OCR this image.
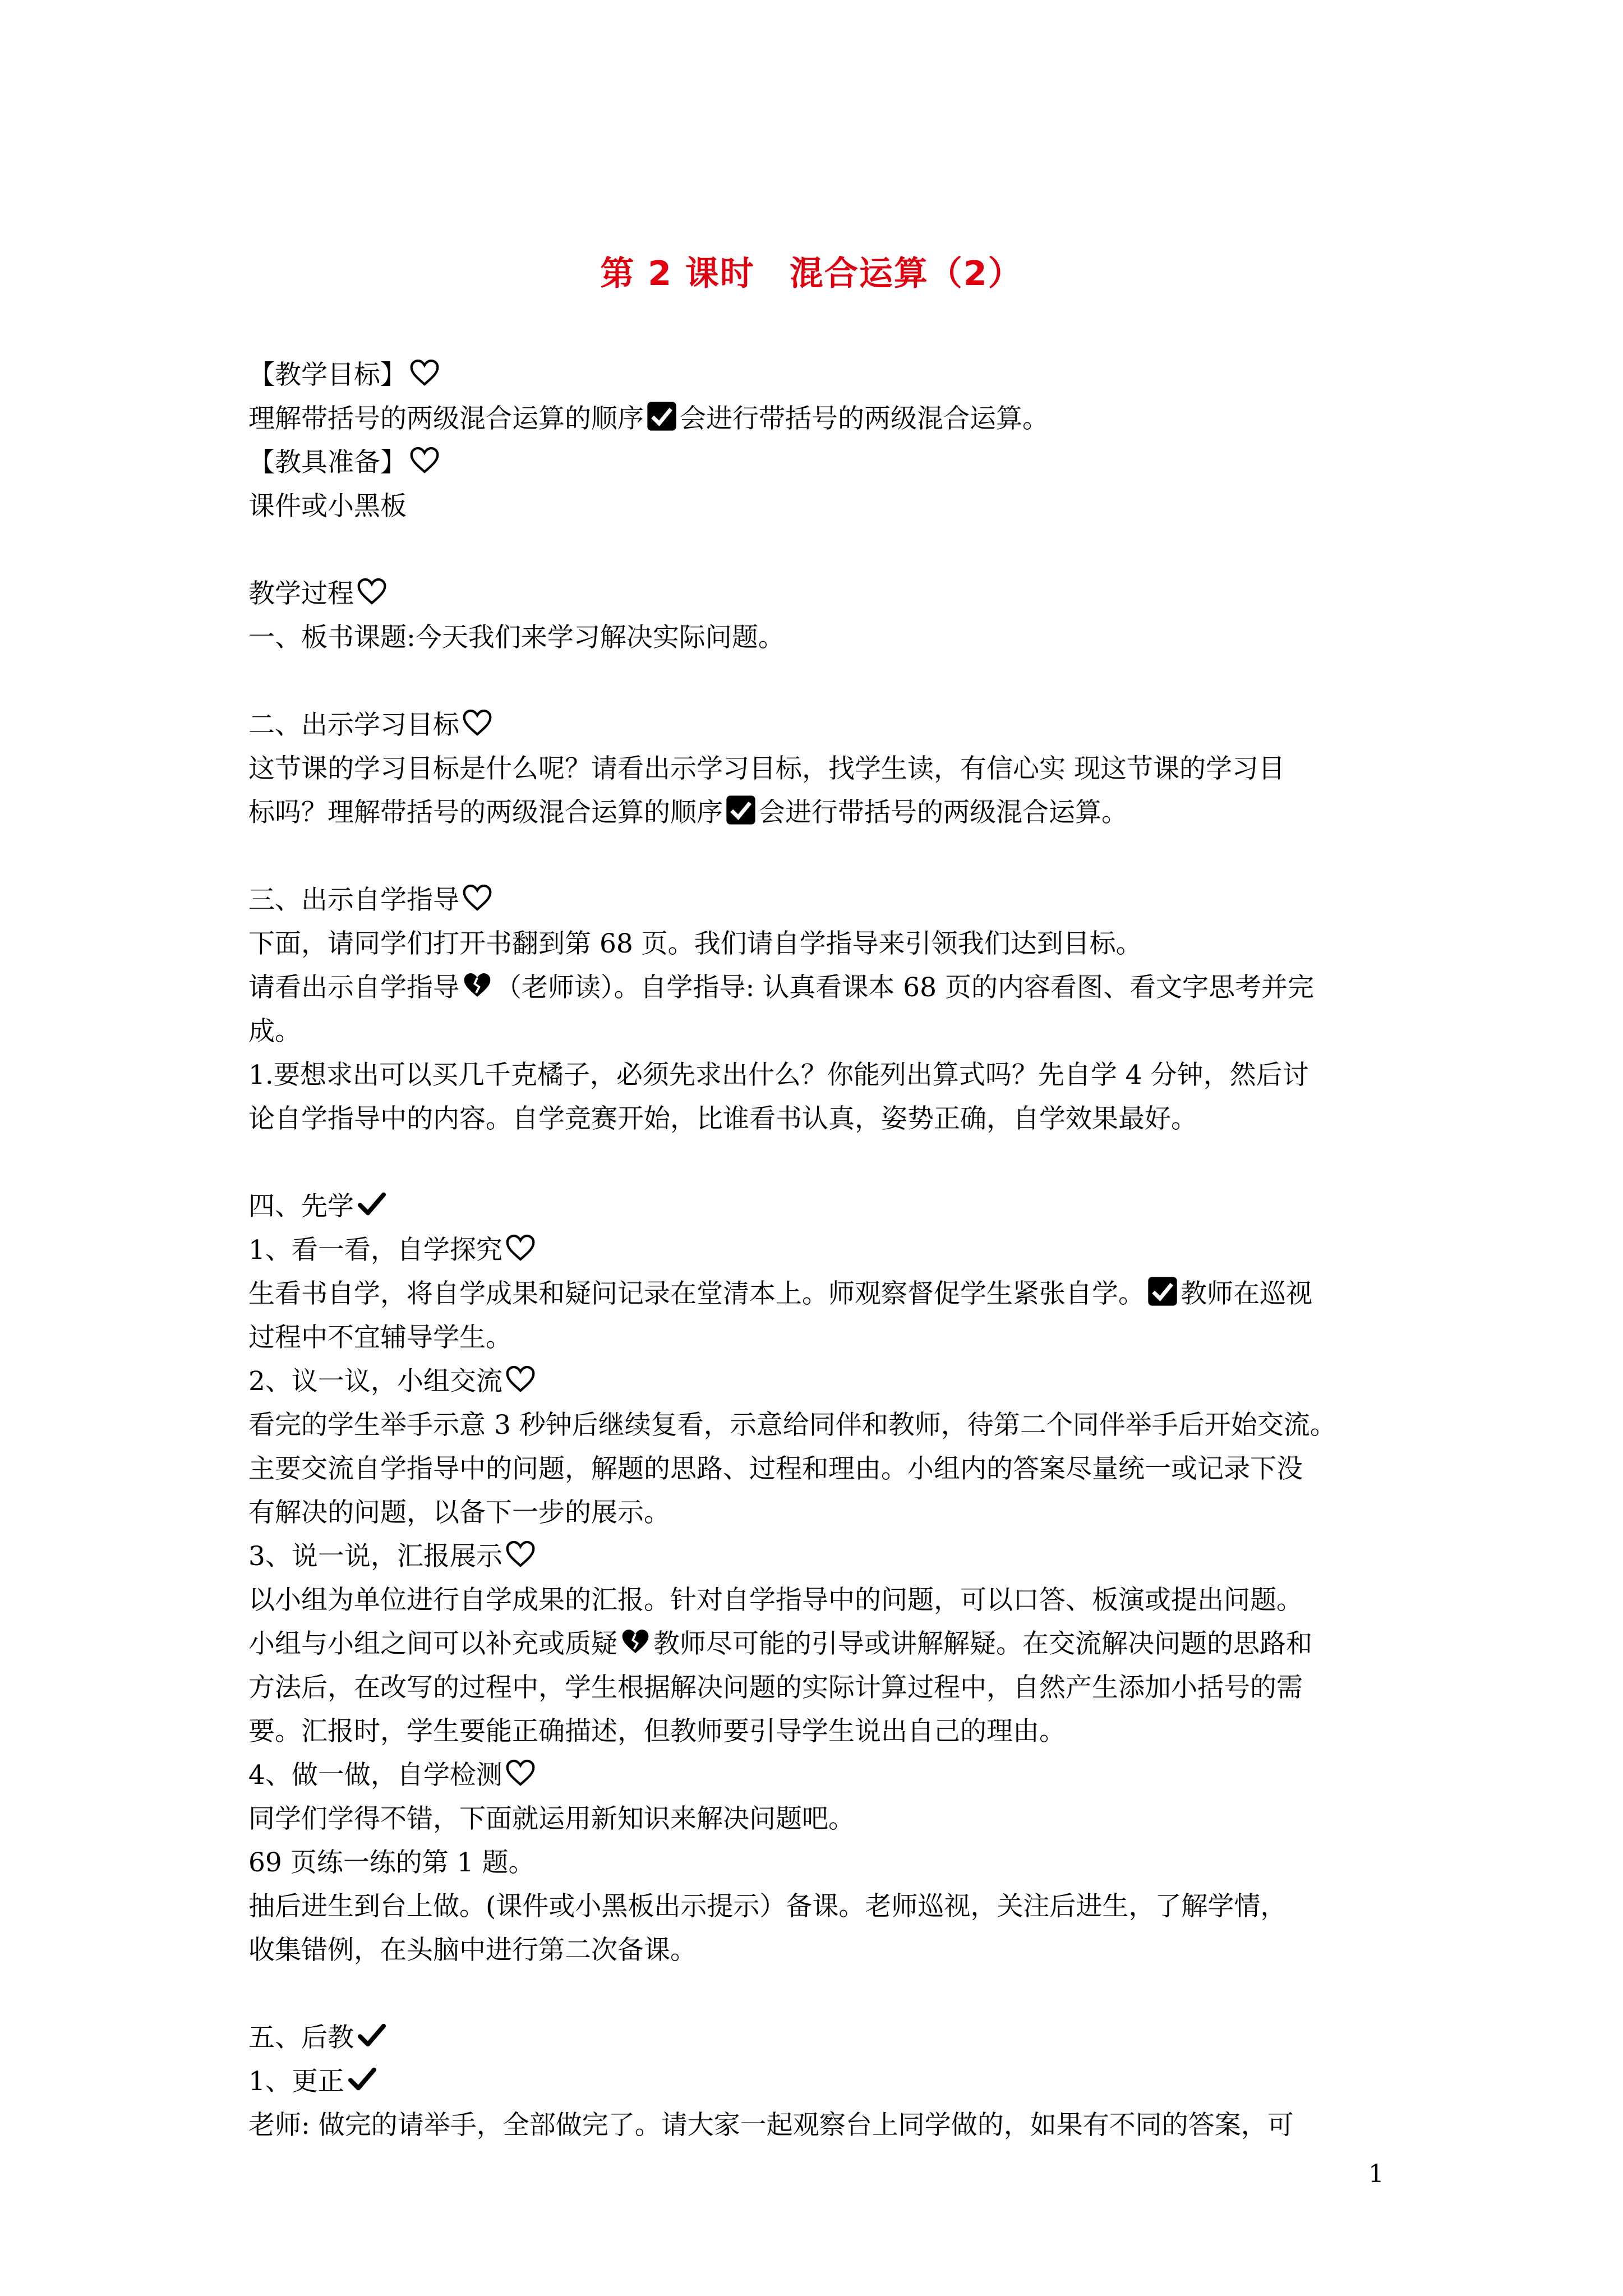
第 2 课时　混合运算（2）
【教学目标】
理解带括号的两级混合运算的顺序 会进行带括号的两级混合运算。
【教具准备】
课件或小黑板
教学过程
一、板书课题:今天我们来学习解决实际问题。
二、出示学习目标
这节课的学习目标是什么呢？请看出示学习目标，找学生读，有信心实 现这节课的学习目
标吗？理解带括号的两级混合运算的顺序 会进行带括号的两级混合运算。
三、出示自学指导
下面，请同学们打开书翻到第 68 页。我们请自学指导来引领我们达到目标。
请看出示自学指导 （老师读）。自学指导: 认真看课本 68 页的内容看图、看文字思考并完
成。
1.要想求出可以买几千克橘子，必须先求出什么？你能列出算式吗？先自学 4 分钟，然后讨
论自学指导中的内容。自学竞赛开始，比谁看书认真，姿势正确，自学效果最好。
四、先学
1、看一看，自学探究
生看书自学，将自学成果和疑问记录在堂清本上。师观察督促学生紧张自学。 教师在巡视
过程中不宜辅导学生。
2、议一议，小组交流
看完的学生举手示意 3 秒钟后继续复看，示意给同伴和教师，待第二个同伴举手后开始交流。
主要交流自学指导中的问题，解题的思路、过程和理由。小组内的答案尽量统一或记录下没
有解决的问题，以备下一步的展示。
3、说一说，汇报展示
以小组为单位进行自学成果的汇报。针对自学指导中的问题，可以口答、板演或提出问题。
小组与小组之间可以补充或质疑 教师尽可能的引导或讲解解疑。在交流解决问题的思路和
方法后，在改写的过程中，学生根据解决问题的实际计算过程中，自然产生添加小括号的需
要。汇报时，学生要能正确描述，但教师要引导学生说出自己的理由。
4、做一做，自学检测
同学们学得不错，下面就运用新知识来解决问题吧。
69 页练一练的第 1 题。
抽后进生到台上做。(课件或小黑板出示提示）备课。老师巡视，关注后进生，了解学情，
收集错例，在头脑中进行第二次备课。
五、后教
1、更正
老师: 做完的请举手，全部做完了。请大家一起观察台上同学做的，如果有不同的答案，可
1
